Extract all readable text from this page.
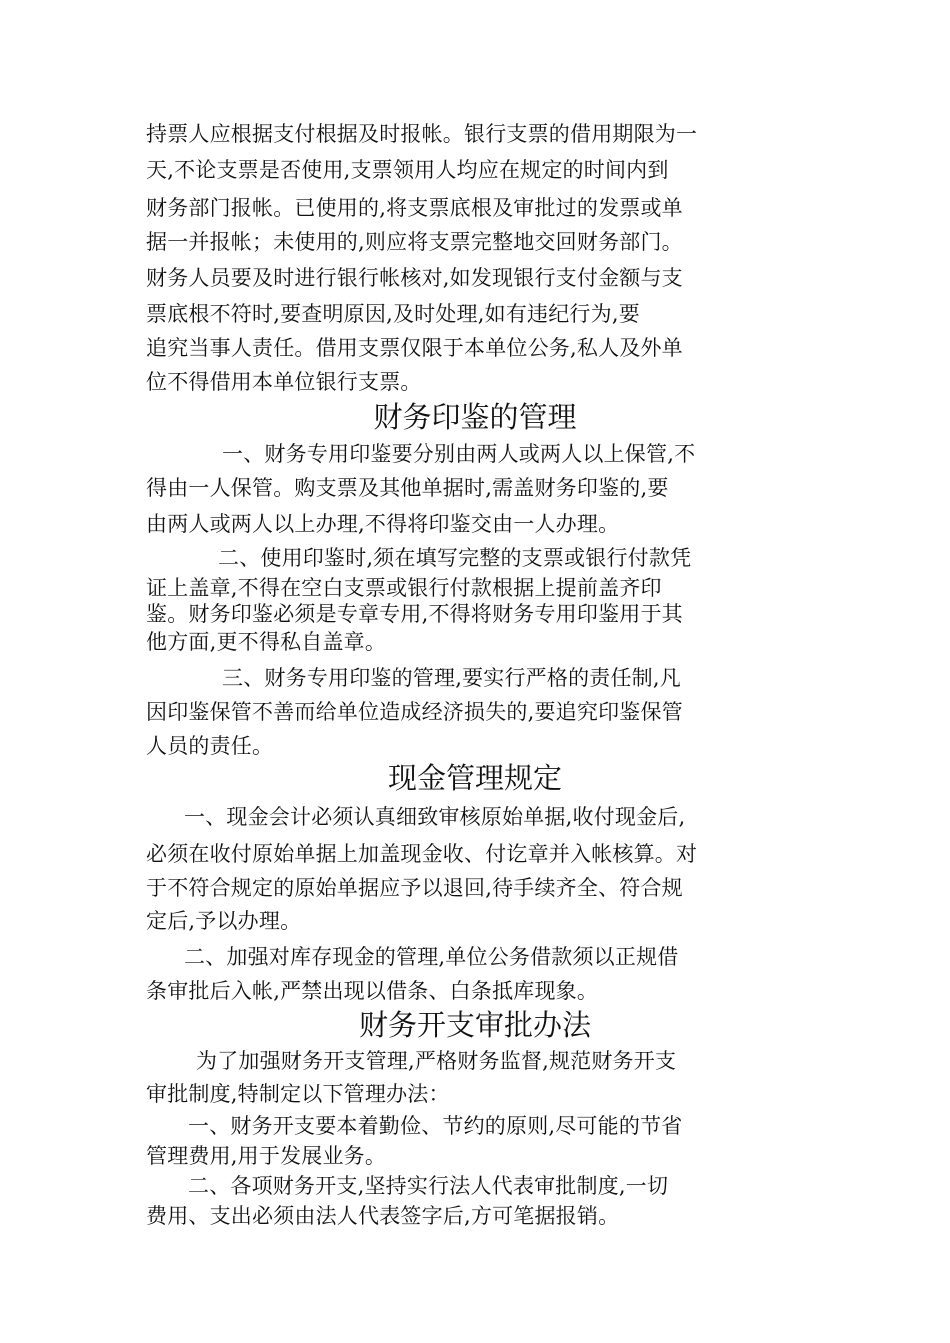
持票人应根据支付根据及时报帐。银行支票的借用期限为一
天,不论支票是否使用,支票领用人均应在规定的时间内到
财务部门报帐。已使用的,将支票底根及审批过的发票或单
据一并报帐；未使用的,则应将支票完整地交回财务部门。
财务人员要及时进行银行帐核对,如发现银行支付金额与支
票底根不符时,要查明原因,及时处理,如有违纪行为,要
追究当事人责任。借用支票仅限于本单位公务,私人及外单
位不得借用本单位银行支票。
财务印鉴的管理
一、财务专用印鉴要分别由两人或两人以上保管,不
得由一人保管。购支票及其他单据时,需盖财务印鉴的,要
由两人或两人以上办理,不得将印鉴交由一人办理。
二、使用印鉴时,须在填写完整的支票或银行付款凭
证上盖章,不得在空白支票或银行付款根据上提前盖齐印
鉴。财务印鉴必须是专章专用,不得将财务专用印鉴用于其
他方面,更不得私自盖章。
三、财务专用印鉴的管理,要实行严格的责任制,凡
因印鉴保管不善而给单位造成经济损失的,要追究印鉴保管
人员的责任。
现金管理规定
一、现金会计必须认真细致审核原始单据,收付现金后,
必须在收付原始单据上加盖现金收、付讫章并入帐核算。对
于不符合规定的原始单据应予以退回,待手续齐全、符合规
定后,予以办理。
二、加强对库存现金的管理,单位公务借款须以正规借
条审批后入帐,严禁出现以借条、白条抵库现象。
财务开支审批办法
为了加强财务开支管理,严格财务监督,规范财务开支
审批制度,特制定以下管理办法：
一、财务开支要本着勤俭、节约的原则,尽可能的节省
管理费用,用于发展业务。
二、各项财务开支,坚持实行法人代表审批制度,一切
费用、支出必须由法人代表签字后,方可笔据报销。
